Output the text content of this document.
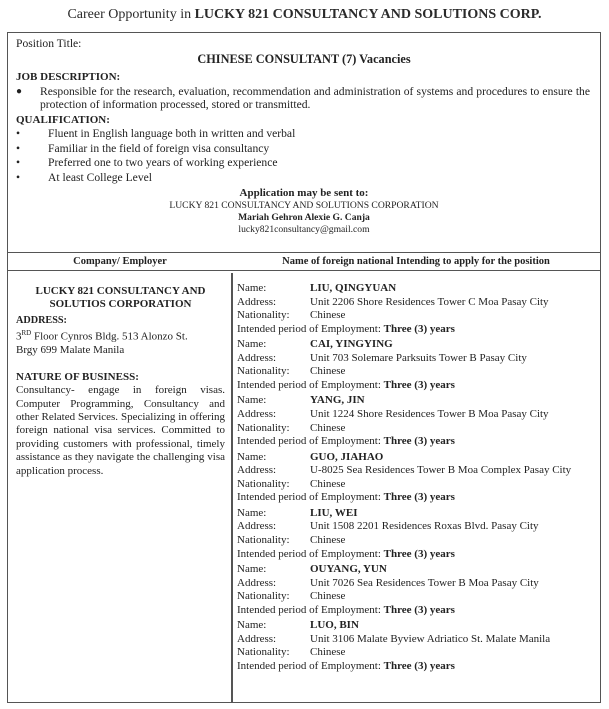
Career Opportunity in LUCKY 821 CONSULTANCY AND SOLUTIONS CORP.
Position Title:
CHINESE CONSULTANT (7) Vacancies
JOB DESCRIPTION:
●	Responsible for the research, evaluation, recommendation and administration of systems and procedures to ensure the protection of information processed, stored or transmitted.
QUALIFICATION:
• Fluent in English language both in written and verbal
• Familiar in the field of foreign visa consultancy
• Preferred one to two years of working experience
• At least College Level
Application may be sent to:
LUCKY 821 CONSULTANCY AND SOLUTIONS CORPORATION
Mariah Gehron Alexie G. Canja
lucky821consultancy@gmail.com
Company/ Employer	Name of foreign national Intending to apply for the position
LUCKY 821 CONSULTANCY AND
SOLUTIOS CORPORATION
ADDRESS:
3RD Floor Cynros Bldg. 513 Alonzo St.
Brgy 699 Malate Manila
NATURE OF BUSINESS:
Consultancy- engage in foreign visas. Computer Programming, Consultancy and other Related Services. Specializing in offering foreign national visa services. Committed to providing customers with professional, timely assistance as they navigate the challenging visa application process.
Name:	LIU, QINGYUAN
Address:	Unit 2206 Shore Residences Tower C Moa Pasay City
Nationality: Chinese
Intended period of Employment: Three (3) years
Name:	CAI, YINGYING
Address:	Unit 703 Solemare Parksuits Tower B Pasay City
Nationality: Chinese
Intended period of Employment: Three (3) years
Name:	YANG, JIN
Address:	Unit 1224 Shore Residences Tower B Moa Pasay City
Nationality: Chinese
Intended period of Employment: Three (3) years
Name:	GUO, JIAHAO
Address:	U-8025 Sea Residences Tower B Moa Complex Pasay City
Nationality: Chinese
Intended period of Employment: Three (3) years
Name:	LIU, WEI
Address:	Unit 1508 2201 Residences Roxas Blvd. Pasay City
Nationality: Chinese
Intended period of Employment: Three (3) years
Name:	OUYANG, YUN
Address:	Unit 7026 Sea Residences Tower B Moa Pasay City
Nationality: Chinese
Intended period of Employment: Three (3) years
Name:	LUO, BIN
Address:	Unit 3106 Malate Byview Adriatico St. Malate Manila
Nationality: Chinese
Intended period of Employment: Three (3) years
